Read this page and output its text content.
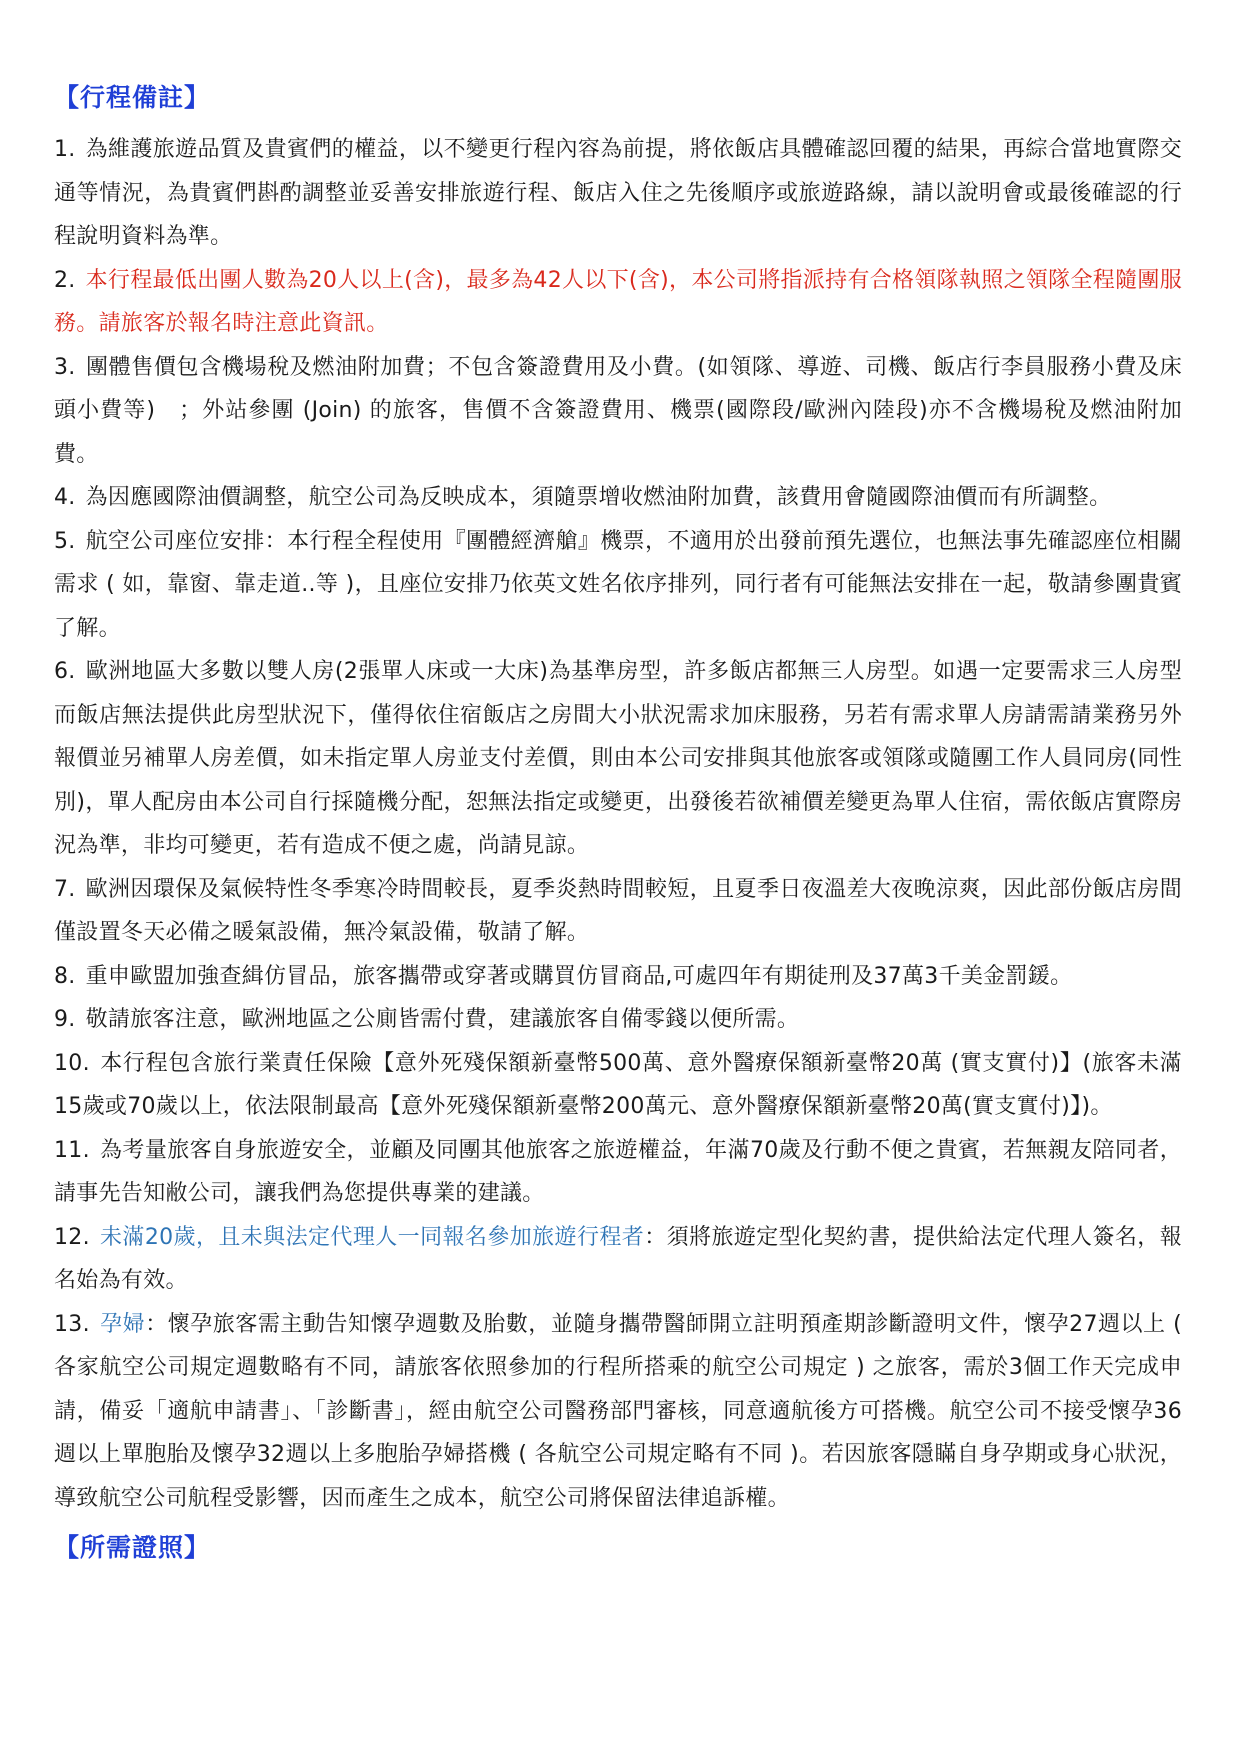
【行程備註】
1. 為維護旅遊品質及貴賓們的權益，以不變更行程內容為前提，將依飯店具體確認回覆的結果，再綜合當地實際交通等情況，為貴賓們斟酌調整並妥善安排旅遊行程、飯店入住之先後順序或旅遊路線，請以說明會或最後確認的行程說明資料為準。
2. 本行程最低出團人數為20人以上(含)，最多為42人以下(含)，本公司將指派持有合格領隊執照之領隊全程隨團服務。請旅客於報名時注意此資訊。
3. 團體售價包含機場稅及燃油附加費；不包含簽證費用及小費。(如領隊、導遊、司機、飯店行李員服務小費及床頭小費等)　；外站參團 (Join) 的旅客，售價不含簽證費用、機票(國際段/歐洲內陸段)亦不含機場稅及燃油附加費。
4. 為因應國際油價調整，航空公司為反映成本，須隨票增收燃油附加費，該費用會隨國際油價而有所調整。
5. 航空公司座位安排：本行程全程使用『團體經濟艙』機票，不適用於出發前預先選位，也無法事先確認座位相關需求 ( 如，靠窗、靠走道..等 )，且座位安排乃依英文姓名依序排列，同行者有可能無法安排在一起，敬請參團貴賓了解。
6. 歐洲地區大多數以雙人房(2張單人床或一大床)為基準房型，許多飯店都無三人房型。如遇一定要需求三人房型而飯店無法提供此房型狀況下，僅得依住宿飯店之房間大小狀況需求加床服務，另若有需求單人房請需請業務另外報價並另補單人房差價，如未指定單人房並支付差價，則由本公司安排與其他旅客或領隊或隨團工作人員同房(同性別)，單人配房由本公司自行採隨機分配，恕無法指定或變更，出發後若欲補價差變更為單人住宿，需依飯店實際房況為準，非均可變更，若有造成不便之處，尚請見諒。
7. 歐洲因環保及氣候特性冬季寒冷時間較長，夏季炎熱時間較短，且夏季日夜溫差大夜晚涼爽，因此部份飯店房間僅設置冬天必備之暖氣設備，無冷氣設備，敬請了解。
8. 重申歐盟加強查緝仿冒品，旅客攜帶或穿著或購買仿冒商品,可處四年有期徒刑及37萬3千美金罰鍰。
9. 敬請旅客注意，歐洲地區之公廁皆需付費，建議旅客自備零錢以便所需。
10. 本行程包含旅行業責任保險【意外死殘保額新臺幣500萬、意外醫療保額新臺幣20萬 (實支實付)】(旅客未滿15歲或70歲以上，依法限制最高【意外死殘保額新臺幣200萬元、意外醫療保額新臺幣20萬(實支實付)】)。
11. 為考量旅客自身旅遊安全，並顧及同團其他旅客之旅遊權益，年滿70歲及行動不便之貴賓，若無親友陪同者，請事先告知敝公司，讓我們為您提供專業的建議。
12. 未滿20歲，且未與法定代理人一同報名參加旅遊行程者：須將旅遊定型化契約書，提供給法定代理人簽名，報名始為有效。
13. 孕婦：懷孕旅客需主動告知懷孕週數及胎數，並隨身攜帶醫師開立註明預產期診斷證明文件，懷孕27週以上 ( 各家航空公司規定週數略有不同，請旅客依照參加的行程所搭乘的航空公司規定 ) 之旅客，需於3個工作天完成申請，備妥「適航申請書」、「診斷書」，經由航空公司醫務部門審核，同意適航後方可搭機。航空公司不接受懷孕36週以上單胞胎及懷孕32週以上多胞胎孕婦搭機 ( 各航空公司規定略有不同 )。若因旅客隱瞞自身孕期或身心狀況，導致航空公司航程受影響，因而產生之成本，航空公司將保留法律追訴權。
【所需證照】
